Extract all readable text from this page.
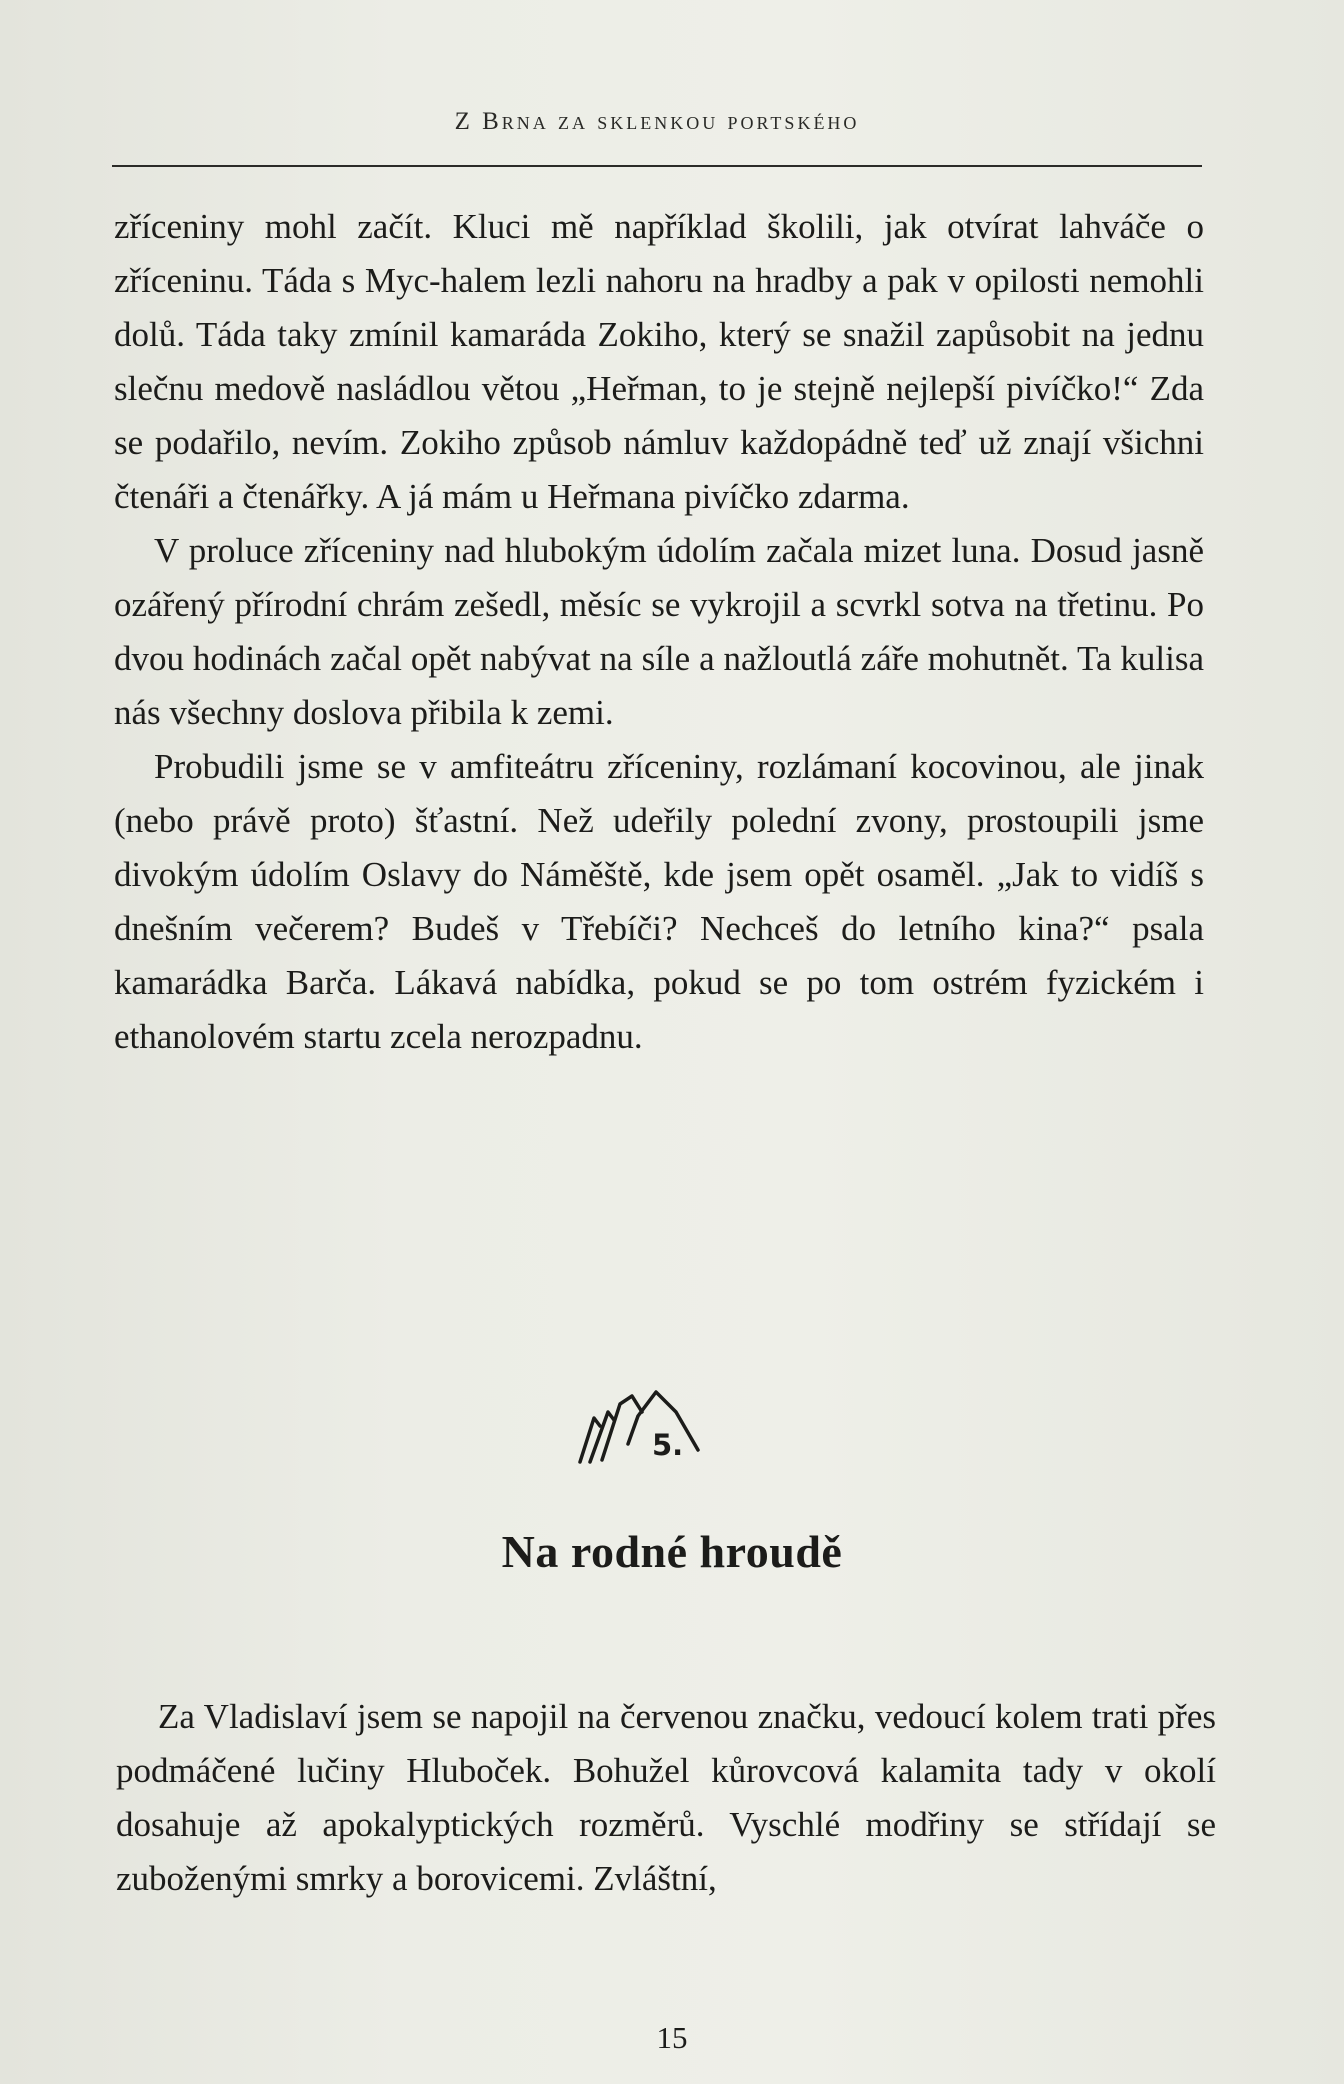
Z Brna za sklenkou portského

zříceniny mohl začít. Kluci mě například školili, jak otvírat lahváče o zříceninu. Táda s Myc-halem lezli nahoru na hradby a pak v opilosti nemohli dolů. Táda taky zmínil kamaráda Zokiho, který se snažil zapůsobit na jednu slečnu medově nasládlou větou „Heřman, to je stejně nejlepší pivíčko!“ Zda se podařilo, nevím. Zokiho způsob námluv každopádně teď už znají všichni čtenáři a čtenářky. A já mám u Heřmana pivíčko zdarma.

V proluce zříceniny nad hlubokým údolím začala mizet luna. Dosud jasně ozářený přírodní chrám zešedl, měsíc se vykrojil a scvrkl sotva na třetinu. Po dvou hodinách začal opět nabývat na síle a nažloutlá záře mohutnět. Ta kulisa nás všechny doslova přibila k zemi.

Probudili jsme se v amfiteátru zříceniny, rozlámaní kocovinou, ale jinak (nebo právě proto) šťastní. Než udeřily polední zvony, prostoupili jsme divokým údolím Oslavy do Náměště, kde jsem opět osaměl. „Jak to vidíš s dnešním večerem? Budeš v Třebíči? Nechceš do letního kina?“ psala kamarádka Barča. Lákavá nabídka, pokud se po tom ostrém fyzickém i ethanolovém startu zcela nerozpadnu.

5.
Na rodné hroudě

Za Vladislaví jsem se napojil na červenou značku, vedoucí kolem trati přes podmáčené lučiny Hluboček. Bohužel kůrovcová kalamita tady v okolí dosahuje až apokalyptických rozměrů. Vyschlé modřiny se střídají se zuboženými smrky a borovicemi. Zvláštní,

15
